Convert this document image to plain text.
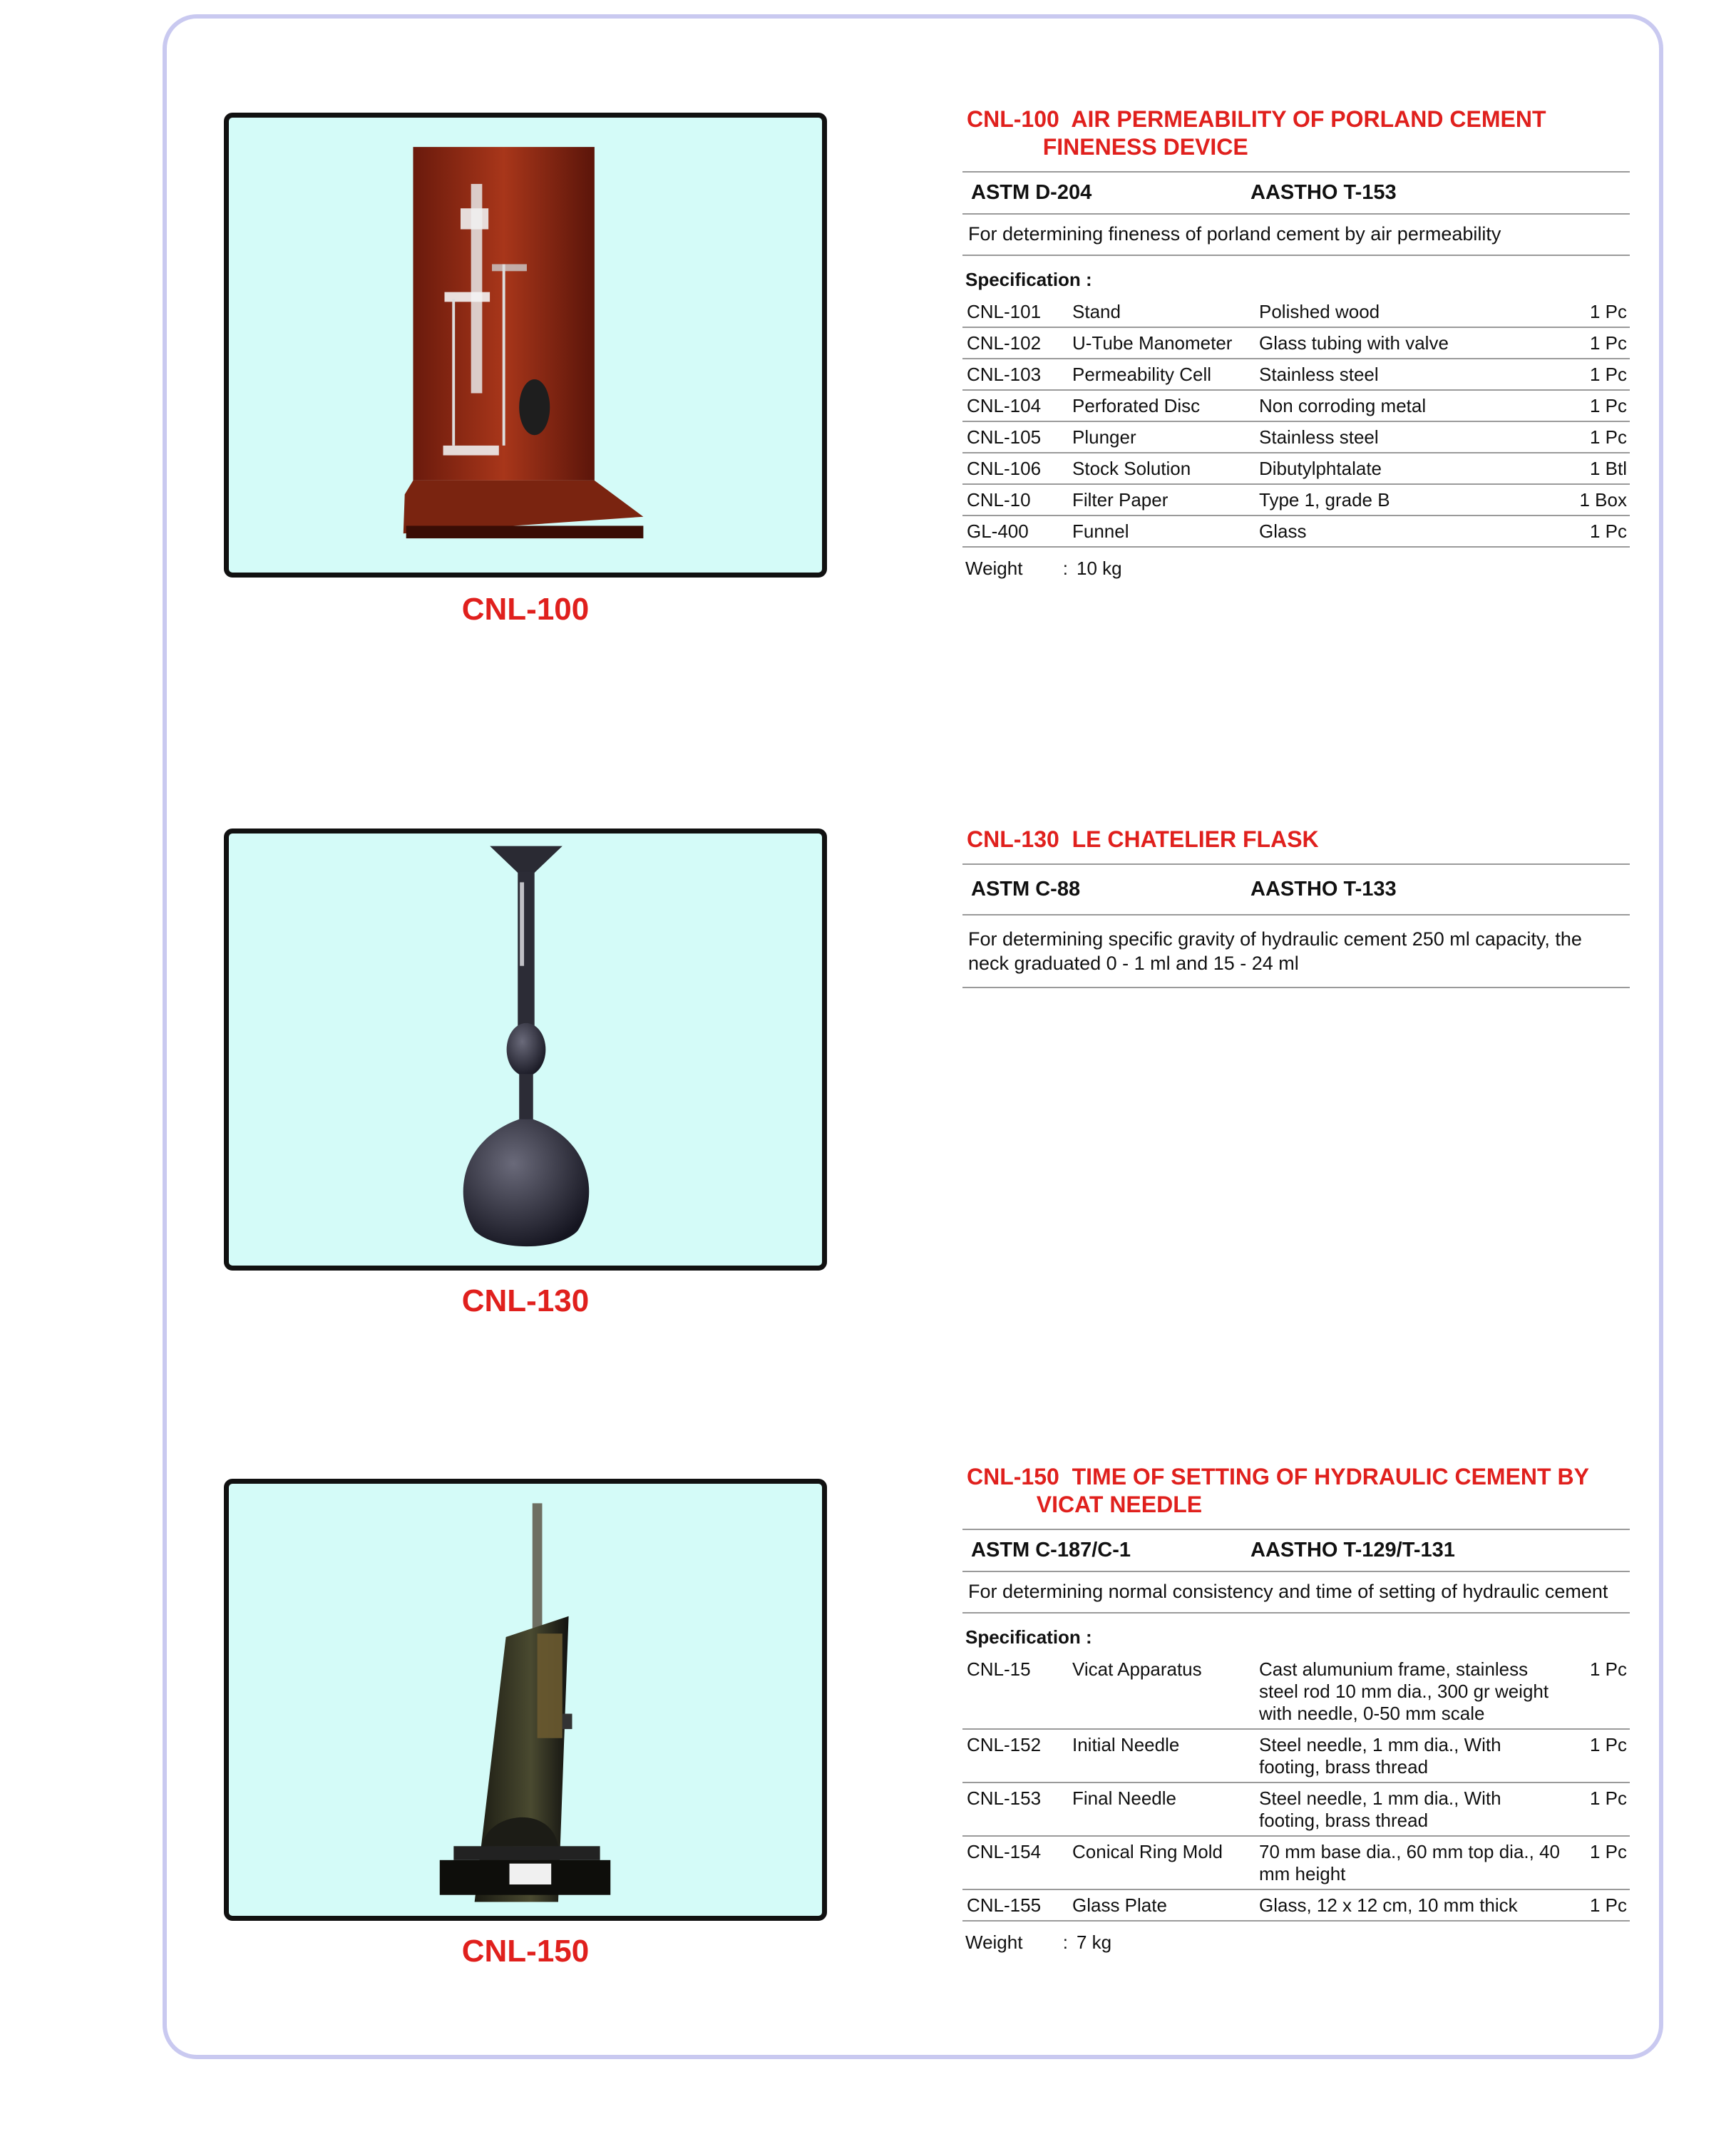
CNL-100

CNL-100  AIR PERMEABILITY OF PORLAND CEMENT
FINENESS DEVICE

ASTM D-204	AASTHO T-153
For determining fineness of porland cement by air permeability
Specification :
CNL-101	Stand	Polished wood	1 Pc
CNL-102	U-Tube Manometer	Glass tubing with valve	1 Pc
CNL-103	Permeability Cell	Stainless steel	1 Pc
CNL-104	Perforated Disc	Non corroding metal	1 Pc
CNL-105	Plunger	Stainless steel	1 Pc
CNL-106	Stock Solution	Dibutylphtalate	1 Btl
CNL-10	Filter Paper	Type 1, grade B	1 Box
GL-400	Funnel	Glass	1 Pc
Weight : 10 kg
CNL-130

CNL-130  LE CHATELIER FLASK

ASTM C-88	AASTHO T-133
For determining specific gravity of hydraulic cement 250 ml capacity, the neck graduated 0 - 1 ml and 15 - 24 ml
CNL-150

CNL-150  TIME OF SETTING OF HYDRAULIC CEMENT BY
VICAT NEEDLE

ASTM C-187/C-1	AASTHO T-129/T-131
For determining normal consistency and time of setting of hydraulic cement
Specification :
CNL-15	Vicat Apparatus	Cast alumunium frame, stainless steel rod 10 mm dia., 300 gr weight with needle, 0-50 mm scale	1 Pc
CNL-152	Initial Needle	Steel needle, 1 mm dia., With footing, brass thread	1 Pc
CNL-153	Final Needle	Steel needle, 1 mm dia., With footing, brass thread	1 Pc
CNL-154	Conical Ring Mold	70 mm base dia., 60 mm top dia., 40 mm height	1 Pc
CNL-155	Glass Plate	Glass, 12 x 12 cm, 10 mm thick	1 Pc
Weight : 7 kg
